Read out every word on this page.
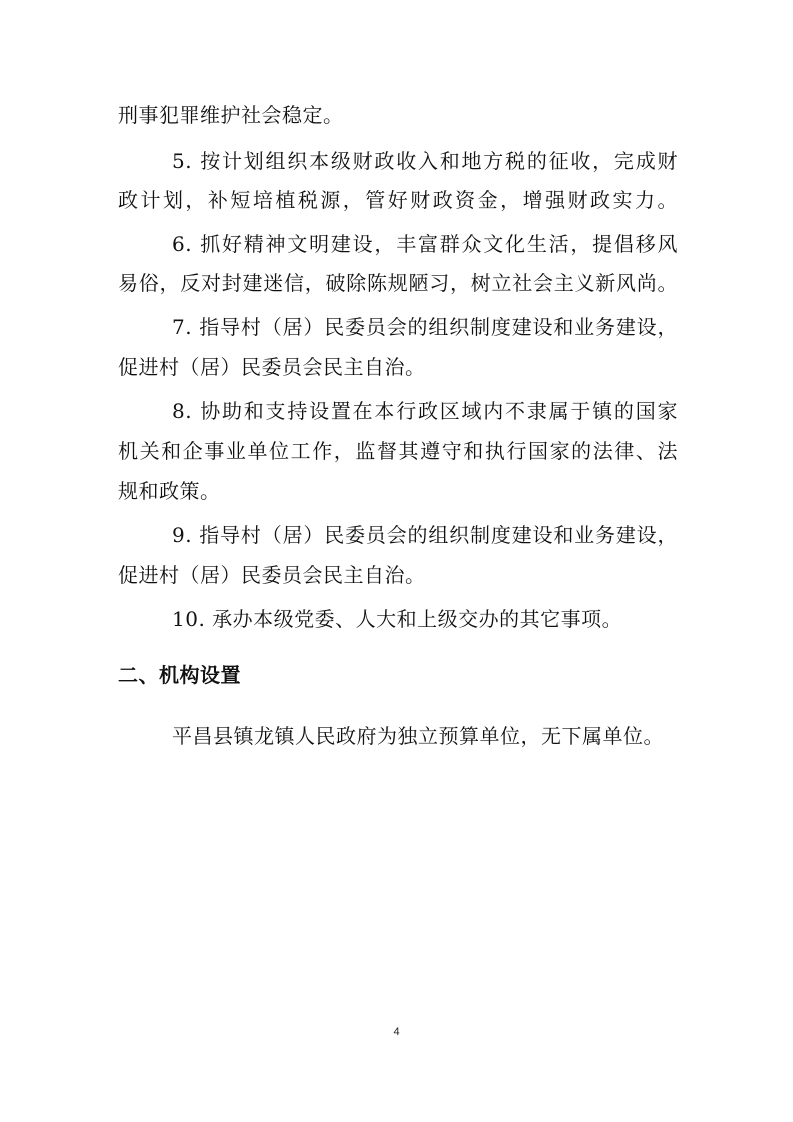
刑事犯罪维护社会稳定。
5. 按计划组织本级财政收入和地方税的征收，完成财
政计划，补短培植税源，管好财政资金，增强财政实力。
6. 抓好精神文明建设，丰富群众文化生活，提倡移风
易俗，反对封建迷信，破除陈规陋习，树立社会主义新风尚。
7. 指导村（居）民委员会的组织制度建设和业务建设，
促进村（居）民委员会民主自治。
8. 协助和支持设置在本行政区域内不隶属于镇的国家
机关和企事业单位工作，监督其遵守和执行国家的法律、法
规和政策。
9. 指导村（居）民委员会的组织制度建设和业务建设，
促进村（居）民委员会民主自治。
10. 承办本级党委、人大和上级交办的其它事项。
二、机构设置
平昌县镇龙镇人民政府为独立预算单位，无下属单位。
4
